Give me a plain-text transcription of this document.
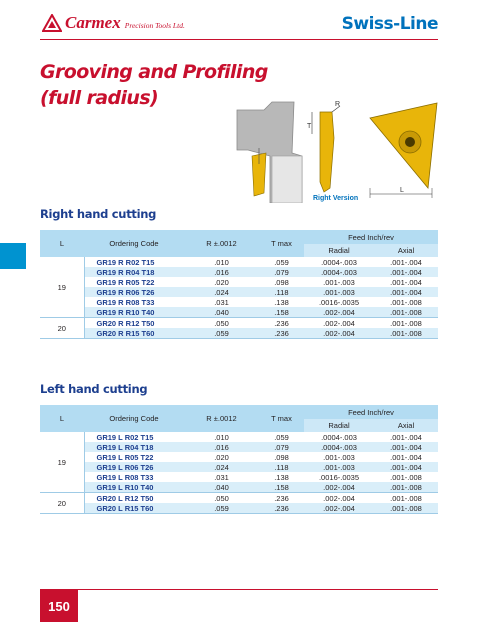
Carmex Precision Tools Ltd.	Swiss-Line
Grooving and Profiling
(full radius)
T
R
L
Right Version
Right hand cutting
L	Ordering Code	R ±.0012	T max	Feed Inch/rev	
				Radial	Axial
19	GR19 R R02 T15	.010	.059	.0004-.003	.001-.004
	GR19 R R04 T18	.016	.079	.0004-.003	.001-.004
	GR19 R R05 T22	.020	.098	.001-.003	.001-.004
	GR19 R R06 T26	.024	.118	.001-.003	.001-.004
	GR19 R R08 T33	.031	.138	.0016-.0035	.001-.008
	GR19 R R10 T40	.040	.158	.002-.004	.001-.008
20	GR20 R R12 T50	.050	.236	.002-.004	.001-.008
	GR20 R R15 T60	.059	.236	.002-.004	.001-.008
Left hand cutting
L	Ordering Code	R ±.0012	T max	Feed Inch/rev	
				Radial	Axial
19	GR19 L R02 T15	.010	.059	.0004-.003	.001-.004
	GR19 L R04 T18	.016	.079	.0004-.003	.001-.004
	GR19 L R05 T22	.020	.098	.001-.003	.001-.004
	GR19 L R06 T26	.024	.118	.001-.003	.001-.004
	GR19 L R08 T33	.031	.138	.0016-.0035	.001-.008
	GR19 L R10 T40	.040	.158	.002-.004	.001-.008
20	GR20 L R12 T50	.050	.236	.002-.004	.001-.008
	GR20 L R15 T60	.059	.236	.002-.004	.001-.008
150
